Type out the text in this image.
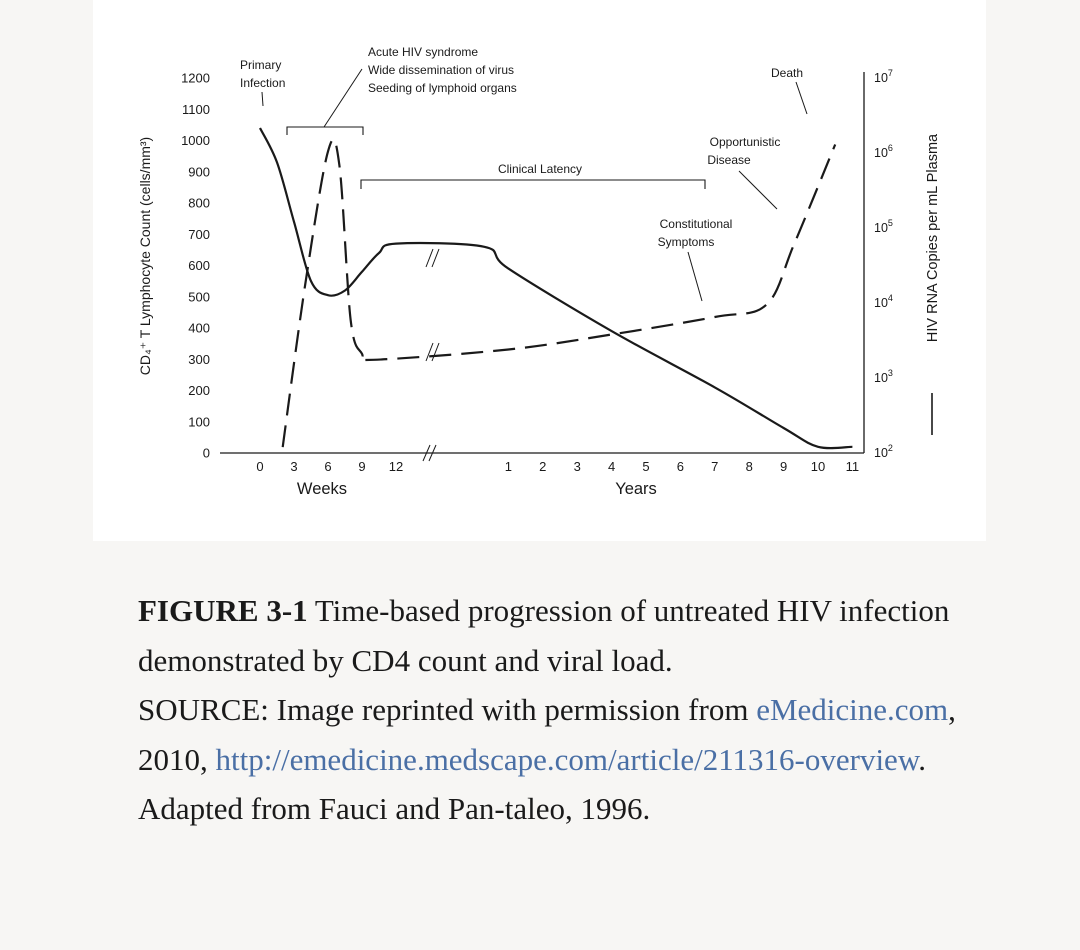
CD₄⁺ T Lymphocyte Count (cells/mm³)	HIV RNA Copies per mL Plasma
1200
1100
1000
900
800
700
600
500
400
300
200
100
0
$10^7$
$10^6$
$10^5$
$10^4$
$10^3$
$10^2$
0 3 6 9 12	1 2 3 4 5 6 7 8 9 10 11
Weeks	Years
Primary
Infection
Acute HIV syndrome
Wide dissemination of virus
Seeding of lymphoid organs
Clinical Latency
Constitutional
Symptoms
Opportunistic
Disease
Death
FIGURE 3-1 Time-based progression of untreated HIV infection demonstrated by CD4 count and viral load.
SOURCE: Image reprinted with permission from eMedicine.com, 2010, http://emedicine.medscape.com/article/211316-overview. Adapted from Fauci and Pan-taleo, 1996.
